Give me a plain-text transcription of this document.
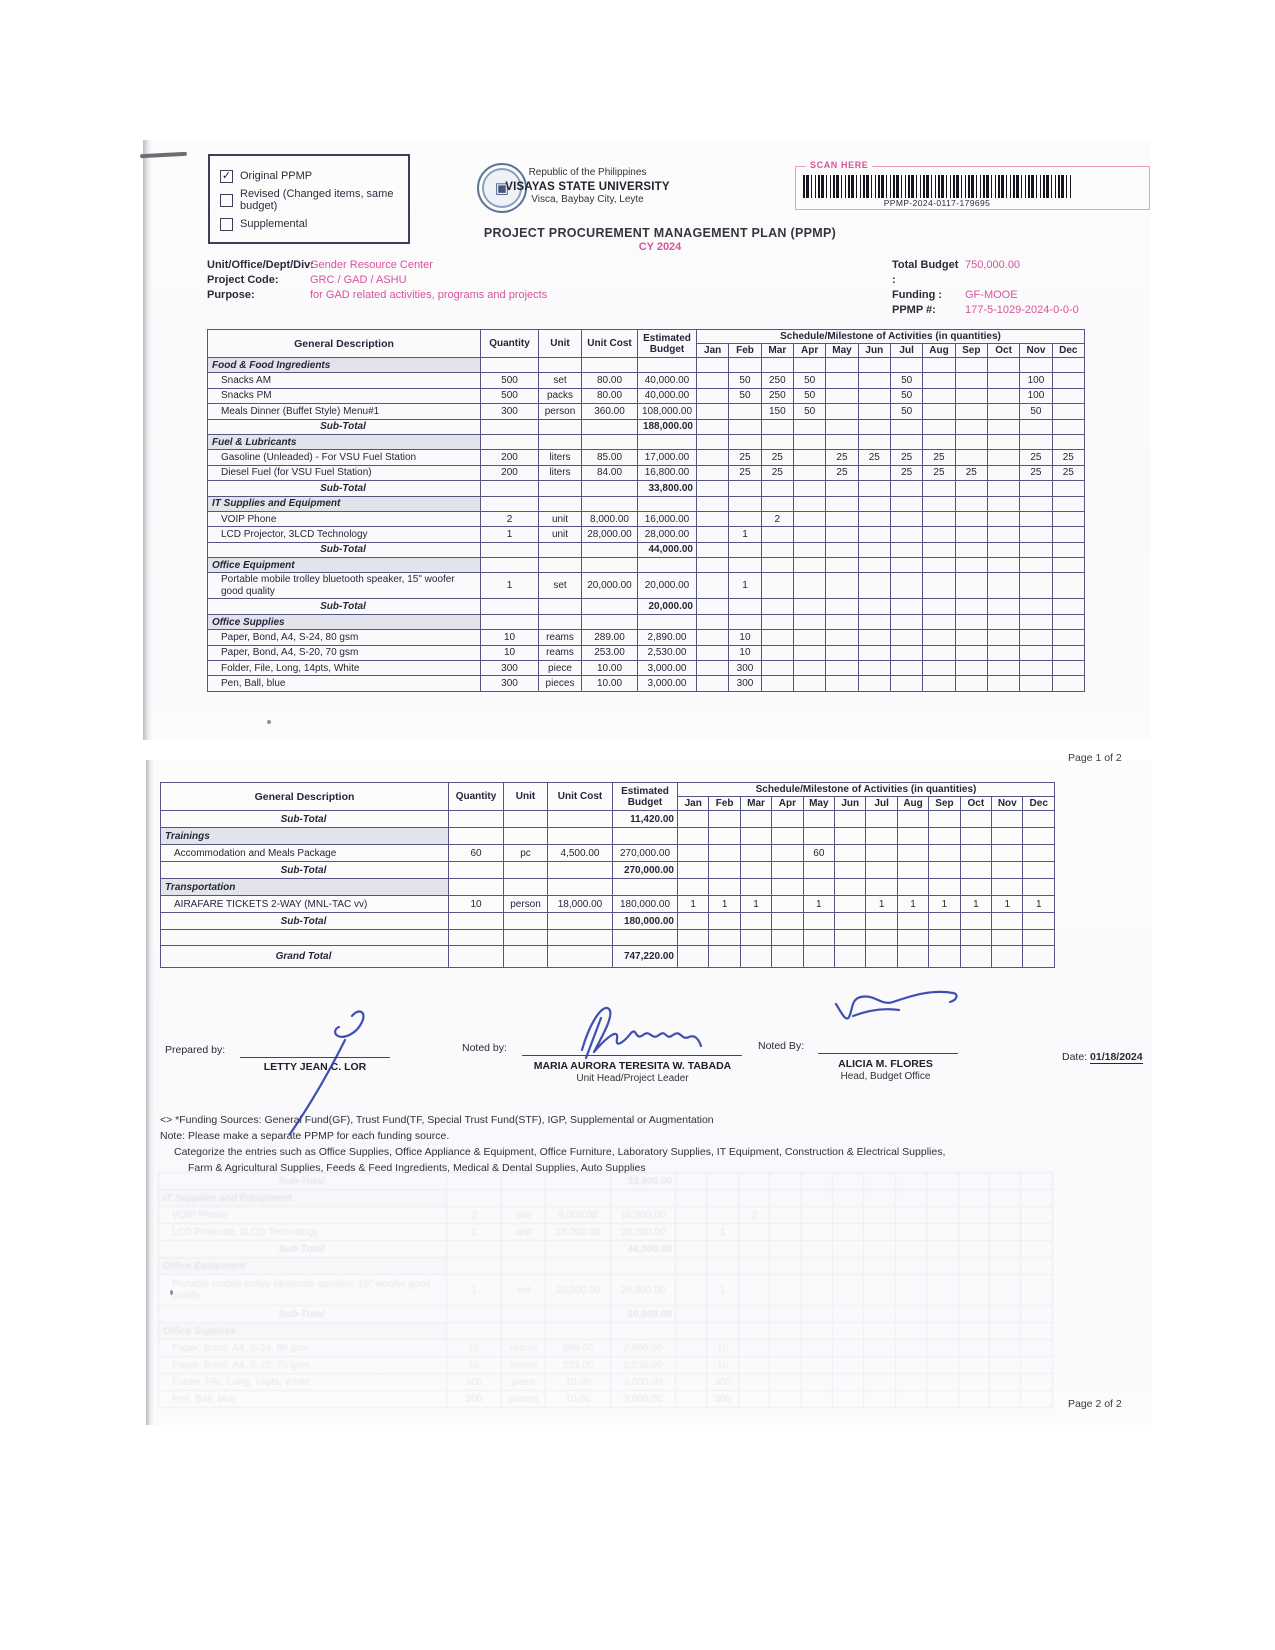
✓ Original PPMP
Revised (Changed items, same budget)
Supplemental
▣
Republic of the Philippines
VISAYAS STATE UNIVERSITY
Visca, Baybay City, Leyte
SCAN HERE
PPMP-2024-0117-179695
PROJECT PROCUREMENT MANAGEMENT PLAN (PPMP)
CY 2024
Unit/Office/Dept/Div:
Gender Resource Center
Project Code:	GRC / GAD / ASHU
Purpose:	for GAD related activities, programs and projects
Total Budget :
750,000.00
Funding :	GF-MOOE
PPMP #:	177-5-1029-2024-0-0-0
General Description	Quantity	Unit	Unit Cost	Estimated Budget	Schedule/Milestone of Activities (in quantities)											
					Jan	Feb	Mar	Apr	May	Jun	Jul	Aug	Sep	Oct	Nov	Dec
Food & Food Ingredients																
Snacks AM	500	set	80.00	40,000.00		50	250	50			50				100	
Snacks PM	500	packs	80.00	40,000.00		50	250	50			50				100	
Meals Dinner (Buffet Style) Menu#1	300	person	360.00	108,000.00			150	50			50				50	
Sub-Total				188,000.00												
Fuel & Lubricants																
Gasoline (Unleaded) - For VSU Fuel Station	200	liters	85.00	17,000.00		25	25		25	25	25	25			25	25
Diesel Fuel (for VSU Fuel Station)	200	liters	84.00	16,800.00		25	25		25		25	25	25		25	25
Sub-Total				33,800.00												
IT Supplies and Equipment																
VOIP Phone	2	unit	8,000.00	16,000.00			2									
LCD Projector, 3LCD Technology	1	unit	28,000.00	28,000.00		1										
Sub-Total				44,000.00												
Office Equipment																
Portable mobile trolley bluetooth speaker, 15" woofer good quality	1	set	20,000.00	20,000.00		1										
Sub-Total				20,000.00												
Office Supplies																
Paper, Bond, A4, S-24, 80 gsm	10	reams	289.00	2,890.00		10										
Paper, Bond, A4, S-20, 70 gsm	10	reams	253.00	2,530.00		10										
Folder, File, Long, 14pts, White	300	piece	10.00	3,000.00		300										
Pen, Ball, blue	300	pieces	10.00	3,000.00		300										
Page 1 of 2
General Description	Quantity	Unit	Unit Cost	Estimated Budget	Schedule/Milestone of Activities (in quantities)											
					Jan	Feb	Mar	Apr	May	Jun	Jul	Aug	Sep	Oct	Nov	Dec
Sub-Total				11,420.00												
Trainings																
Accommodation and Meals Package	60	pc	4,500.00	270,000.00					60							
Sub-Total				270,000.00												
Transportation																
AIRAFARE TICKETS 2-WAY (MNL-TAC vv)	10	person	18,000.00	180,000.00	1	1	1		1		1	1	1	1	1	1
Sub-Total				180,000.00												

Grand Total				747,220.00												
Prepared by:
LETTY JEAN C. LOR
Noted by:
MARIA AURORA TERESITA W. TABADA
Unit Head/Project Leader
Noted By:
ALICIA M. FLORES
Head, Budget Office
Date: 01/18/2024
<> *Funding Sources: General Fund(GF), Trust Fund(TF, Special Trust Fund(STF), IGP, Supplemental or Augmentation
Note: Please make a separate PPMP for each funding source.
Categorize the entries such as Office Supplies, Office Appliance & Equipment, Office Furniture, Laboratory Supplies, IT Equipment, Construction & Electrical Supplies,
Farm & Agricultural Supplies, Feeds & Feed Ingredients, Medical & Dental Supplies, Auto Supplies
Sub-Total				33,800.00												
IT Supplies and Equipment																
VOIP Phone	2	unit	8,000.00	16,000.00			2									
LCD Projector, 3LCD Technology	1	unit	28,000.00	28,000.00		1										
Sub-Total				44,000.00												
Office Equipment																
Portable mobile trolley bluetooth speaker, 15" woofer good quality	1	set	20,000.00	20,000.00		1										
Sub-Total				20,000.00												
Office Supplies																
Paper, Bond, A4, S-24, 80 gsm	10	reams	289.00	2,890.00		10										
Paper, Bond, A4, S-20, 70 gsm	10	reams	253.00	2,530.00		10										
Folder, File, Long, 14pts, White	300	piece	10.00	3,000.00		300										
Pen, Ball, blue	300	pieces	10.00	3,000.00		300											Page 2 of 2
